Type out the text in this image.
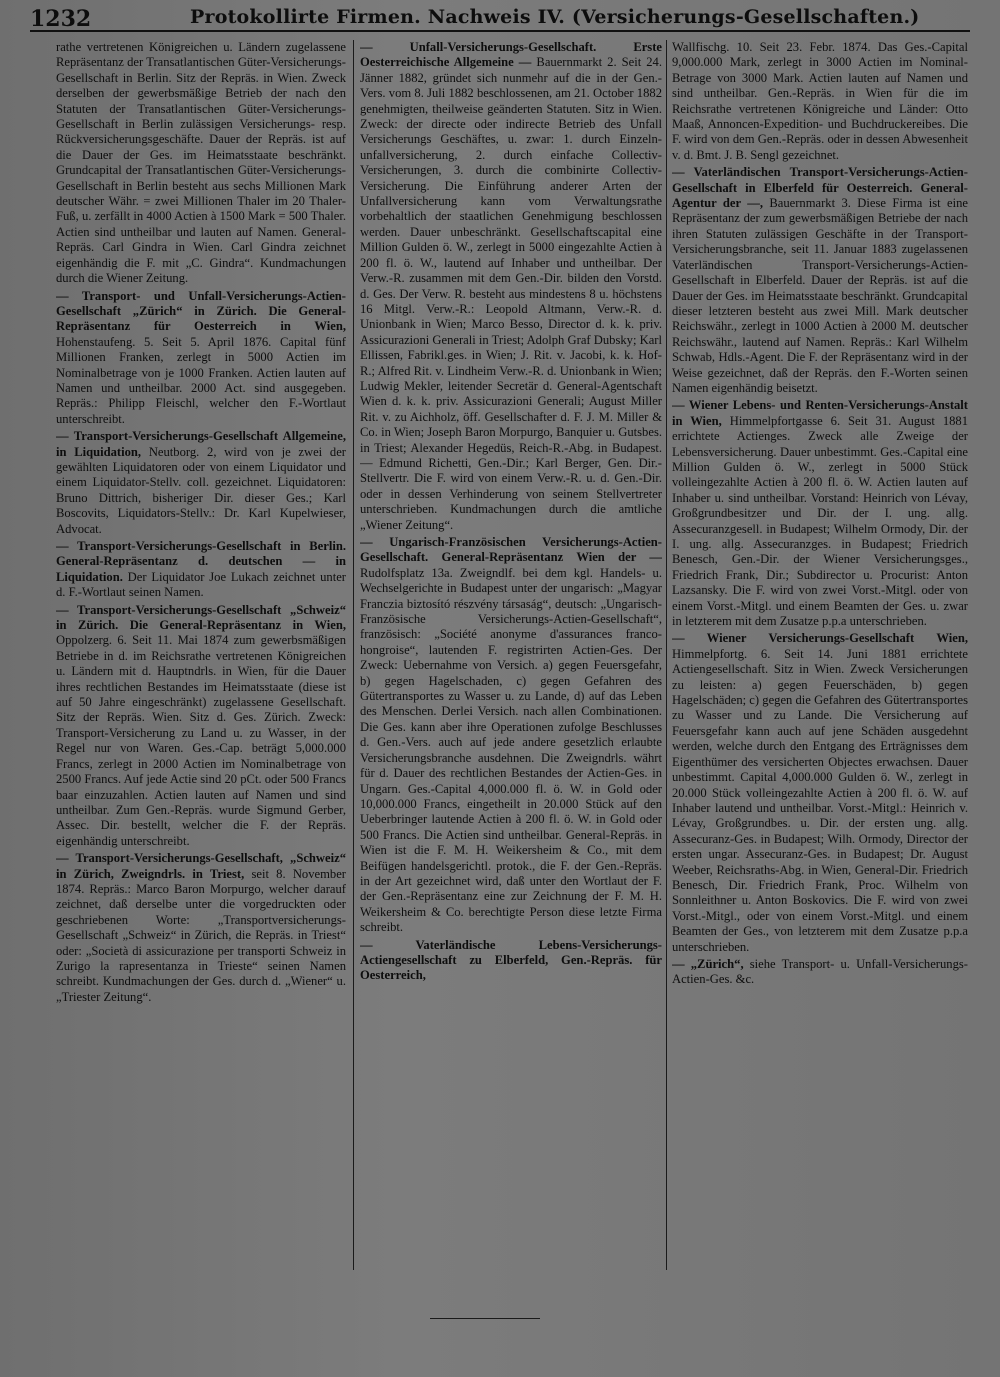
1232	Protokollirte Firmen. Nachweis IV. (Versicherungs-Gesellschaften.)

rathe vertretenen Königreichen u. Ländern zugelassene Repräsentanz der Transatlantischen Güter-Versicherungs-Gesellschaft in Berlin. Sitz der Repräs. in Wien. Zweck derselben der gewerbsmäßige Betrieb der nach den Statuten der Transatlantischen Güter-Versicherungs-Gesellschaft in Berlin zulässigen Versicherungs- resp. Rückversicherungsgeschäfte. Dauer der Repräs. ist auf die Dauer der Ges. im Heimatsstaate beschränkt. Grundcapital der Transatlantischen Güter-Versicherungs-Gesellschaft in Berlin besteht aus sechs Millionen Mark deutscher Währ. = zwei Millionen Thaler im 20 Thaler-Fuß, u. zerfällt in 4000 Actien à 1500 Mark = 500 Thaler. Actien sind untheilbar und lauten auf Namen. General-Repräs. Carl Gindra in Wien. Carl Gindra zeichnet eigenhändig die F. mit „C. Gindra“. Kundmachungen durch die Wiener Zeitung.

— Transport- und Unfall-Versicherungs-Actien-Gesellschaft „Zürich“ in Zürich. Die General-Repräsentanz für Oesterreich in Wien, Hohenstaufeng. 5. Seit 5. April 1876. Capital fünf Millionen Franken, zerlegt in 5000 Actien im Nominalbetrage von je 1000 Franken. Actien lauten auf Namen und untheilbar. 2000 Act. sind ausgegeben. Repräs.: Philipp Fleischl, welcher den F.-Wortlaut unterschreibt.

— Transport-Versicherungs-Gesellschaft Allgemeine, in Liquidation, Neutborg. 2, wird von je zwei der gewählten Liquidatoren oder von einem Liquidator und einem Liquidator-Stellv. coll. gezeichnet. Liquidatoren: Bruno Dittrich, bisheriger Dir. dieser Ges.; Karl Boscovits, Liquidators-Stellv.: Dr. Karl Kupelwieser, Advocat.

— Transport-Versicherungs-Gesellschaft in Berlin. General-Repräsentanz d. deutschen — in Liquidation. Der Liquidator Joe Lukach zeichnet unter d. F.-Wortlaut seinen Namen.

— Transport-Versicherungs-Gesellschaft „Schweiz“ in Zürich. Die General-Repräsentanz in Wien, Oppolzerg. 6. Seit 11. Mai 1874 zum gewerbsmäßigen Betriebe in d. im Reichsrathe vertretenen Königreichen u. Ländern mit d. Hauptndrls. in Wien, für die Dauer ihres rechtlichen Bestandes im Heimatsstaate (diese ist auf 50 Jahre eingeschränkt) zugelassene Gesellschaft. Sitz der Repräs. Wien. Sitz d. Ges. Zürich. Zweck: Transport-Versicherung zu Land u. zu Wasser, in der Regel nur von Waren. Ges.-Cap. beträgt 5,000.000 Francs, zerlegt in 2000 Actien im Nominalbetrage von 2500 Francs. Auf jede Actie sind 20 pCt. oder 500 Francs baar einzuzahlen. Actien lauten auf Namen und sind untheilbar. Zum Gen.-Repräs. wurde Sigmund Gerber, Assec. Dir. bestellt, welcher die F. der Repräs. eigenhändig unterschreibt.

— Transport-Versicherungs-Gesellschaft, „Schweiz“ in Zürich, Zweigndrls. in Triest, seit 8. November 1874. Repräs.: Marco Baron Morpurgo, welcher darauf zeichnet, daß derselbe unter die vorgedruckten oder geschriebenen Worte: „Transportversicherungs-Gesellschaft „Schweiz“ in Zürich, die Repräs. in Triest“ oder: „Società di assicurazione per transporti Schweiz in Zurigo la rapresentanza in Trieste“ seinen Namen schreibt. Kundmachungen der Ges. durch d. „Wiener“ u. „Triester Zeitung“.

— Unfall-Versicherungs-Gesellschaft. Erste Oesterreichische Allgemeine — Bauernmarkt 2. Seit 24. Jänner 1882, gründet sich nunmehr auf die in der Gen.-Vers. vom 8. Juli 1882 beschlossenen, am 21. October 1882 genehmigten, theilweise geänderten Statuten. Sitz in Wien. Zweck: der directe oder indirecte Betrieb des Unfall Versicherungs Geschäftes, u. zwar: 1. durch Einzeln-unfallversicherung, 2. durch einfache Collectiv-Versicherungen, 3. durch die combinirte Collectiv-Versicherung. Die Einführung anderer Arten der Unfallversicherung kann vom Verwaltungsrathe vorbehaltlich der staatlichen Genehmigung beschlossen werden. Dauer unbeschränkt. Gesellschaftscapital eine Million Gulden ö. W., zerlegt in 5000 eingezahlte Actien à 200 fl. ö. W., lautend auf Inhaber und untheilbar. Der Verw.-R. zusammen mit dem Gen.-Dir. bilden den Vorstd. d. Ges. Der Verw. R. besteht aus mindestens 8 u. höchstens 16 Mitgl. Verw.-R.: Leopold Altmann, Verw.-R. d. Unionbank in Wien; Marco Besso, Director d. k. k. priv. Assicurazioni Generali in Triest; Adolph Graf Dubsky; Karl Ellissen, Fabrikl.ges. in Wien; J. Rit. v. Jacobi, k. k. Hof-R.; Alfred Rit. v. Lindheim Verw.-R. d. Unionbank in Wien; Ludwig Mekler, leitender Secretär d. General-Agentschaft Wien d. k. k. priv. Assicurazioni Generali; August Miller Rit. v. zu Aichholz, öff. Gesellschafter d. F. J. M. Miller & Co. in Wien; Joseph Baron Morpurgo, Banquier u. Gutsbes. in Triest; Alexander Hegedüs, Reich-R.-Abg. in Budapest. — Edmund Richetti, Gen.-Dir.; Karl Berger, Gen. Dir.-Stellvertr. Die F. wird von einem Verw.-R. u. d. Gen.-Dir. oder in dessen Verhinderung von seinem Stellvertreter unterschrieben. Kundmachungen durch die amtliche „Wiener Zeitung“.

— Ungarisch-Französischen Versicherungs-Actien-Gesellschaft. General-Repräsentanz Wien der — Rudolfsplatz 13a. Zweigndlf. bei dem kgl. Handels- u. Wechselgerichte in Budapest unter der ungarisch: „Magyar Franczia biztosító részvény társaság“, deutsch: „Ungarisch-Französische Versicherungs-Actien-Gesellschaft“, französisch: „Société anonyme d'assurances franco-hongroise“, lautenden F. registrirten Actien-Ges. Der Zweck: Uebernahme von Versich. a) gegen Feuersgefahr, b) gegen Hagelschaden, c) gegen Gefahren des Gütertransportes zu Wasser u. zu Lande, d) auf das Leben des Menschen. Derlei Versich. nach allen Combinationen. Die Ges. kann aber ihre Operationen zufolge Beschlusses d. Gen.-Vers. auch auf jede andere gesetzlich erlaubte Versicherungsbranche ausdehnen. Die Zweigndrls. währt für d. Dauer des rechtlichen Bestandes der Actien-Ges. in Ungarn. Ges.-Capital 4,000.000 fl. ö. W. in Gold oder 10,000.000 Francs, eingetheilt in 20.000 Stück auf den Ueberbringer lautende Actien à 200 fl. ö. W. in Gold oder 500 Francs. Die Actien sind untheilbar. General-Repräs. in Wien ist die F. M. H. Weikersheim & Co., mit dem Beifügen handelsgerichtl. protok., die F. der Gen.-Repräs. in der Art gezeichnet wird, daß unter den Wortlaut der F. der Gen.-Repräsentanz eine zur Zeichnung der F. M. H. Weikersheim & Co. berechtigte Person diese letzte Firma schreibt.

— Vaterländische Lebens-Versicherungs-Actiengesellschaft zu Elberfeld, Gen.-Repräs. für Oesterreich,

Wallfischg. 10. Seit 23. Febr. 1874. Das Ges.-Capital 9,000.000 Mark, zerlegt in 3000 Actien im Nominal-Betrage von 3000 Mark. Actien lauten auf Namen und sind untheilbar. Gen.-Repräs. in Wien für die im Reichsrathe vertretenen Königreiche und Länder: Otto Maaß, Annoncen-Expedition- und Buchdruckereibes. Die F. wird von dem Gen.-Repräs. oder in dessen Abwesenheit v. d. Bmt. J. B. Sengl gezeichnet.

— Vaterländischen Transport-Versicherungs-Actien-Gesellschaft in Elberfeld für Oesterreich. General-Agentur der —, Bauernmarkt 3. Diese Firma ist eine Repräsentanz der zum gewerbsmäßigen Betriebe der nach ihren Statuten zulässigen Geschäfte in der Transport-Versicherungsbranche, seit 11. Januar 1883 zugelassenen Vaterländischen Transport-Versicherungs-Actien-Gesellschaft in Elberfeld. Dauer der Repräs. ist auf die Dauer der Ges. im Heimatsstaate beschränkt. Grundcapital dieser letzteren besteht aus zwei Mill. Mark deutscher Reichswähr., zerlegt in 1000 Actien à 2000 M. deutscher Reichswähr., lautend auf Namen. Repräs.: Karl Wilhelm Schwab, Hdls.-Agent. Die F. der Repräsentanz wird in der Weise gezeichnet, daß der Repräs. den F.-Worten seinen Namen eigenhändig beisetzt.

— Wiener Lebens- und Renten-Versicherungs-Anstalt in Wien, Himmelpfortgasse 6. Seit 31. August 1881 errichtete Actienges. Zweck alle Zweige der Lebensversicherung. Dauer unbestimmt. Ges.-Capital eine Million Gulden ö. W., zerlegt in 5000 Stück volleingezahlte Actien à 200 fl. ö. W. Actien lauten auf Inhaber u. sind untheilbar. Vorstand: Heinrich von Lévay, Großgrundbesitzer und Dir. der I. ung. allg. Assecuranzgesell. in Budapest; Wilhelm Ormody, Dir. der I. ung. allg. Assecuranzges. in Budapest; Friedrich Benesch, Gen.-Dir. der Wiener Versicherungsges., Friedrich Frank, Dir.; Subdirector u. Procurist: Anton Lazsansky. Die F. wird von zwei Vorst.-Mitgl. oder von einem Vorst.-Mitgl. und einem Beamten der Ges. u. zwar in letzterem mit dem Zusatze p.p.a unterschrieben.

— Wiener Versicherungs-Gesellschaft Wien, Himmelpfortg. 6. Seit 14. Juni 1881 errichtete Actiengesellschaft. Sitz in Wien. Zweck Versicherungen zu leisten: a) gegen Feuerschäden, b) gegen Hagelschäden; c) gegen die Gefahren des Gütertransportes zu Wasser und zu Lande. Die Versicherung auf Feuersgefahr kann auch auf jene Schäden ausgedehnt werden, welche durch den Entgang des Erträgnisses dem Eigenthümer des versicherten Objectes erwachsen. Dauer unbestimmt. Capital 4,000.000 Gulden ö. W., zerlegt in 20.000 Stück volleingezahlte Actien à 200 fl. ö. W. auf Inhaber lautend und untheilbar. Vorst.-Mitgl.: Heinrich v. Lévay, Großgrundbes. u. Dir. der ersten ung. allg. Assecuranz-Ges. in Budapest; Wilh. Ormody, Director der ersten ungar. Assecuranz-Ges. in Budapest; Dr. August Weeber, Reichsraths-Abg. in Wien, General-Dir. Friedrich Benesch, Dir. Friedrich Frank, Proc. Wilhelm von Sonnleithner u. Anton Boskovics. Die F. wird von zwei Vorst.-Mitgl., oder von einem Vorst.-Mitgl. und einem Beamten der Ges., von letzterem mit dem Zusatze p.p.a unterschrieben.

— „Zürich“, siehe Transport- u. Unfall-Versicherungs-Actien-Ges. &c.
